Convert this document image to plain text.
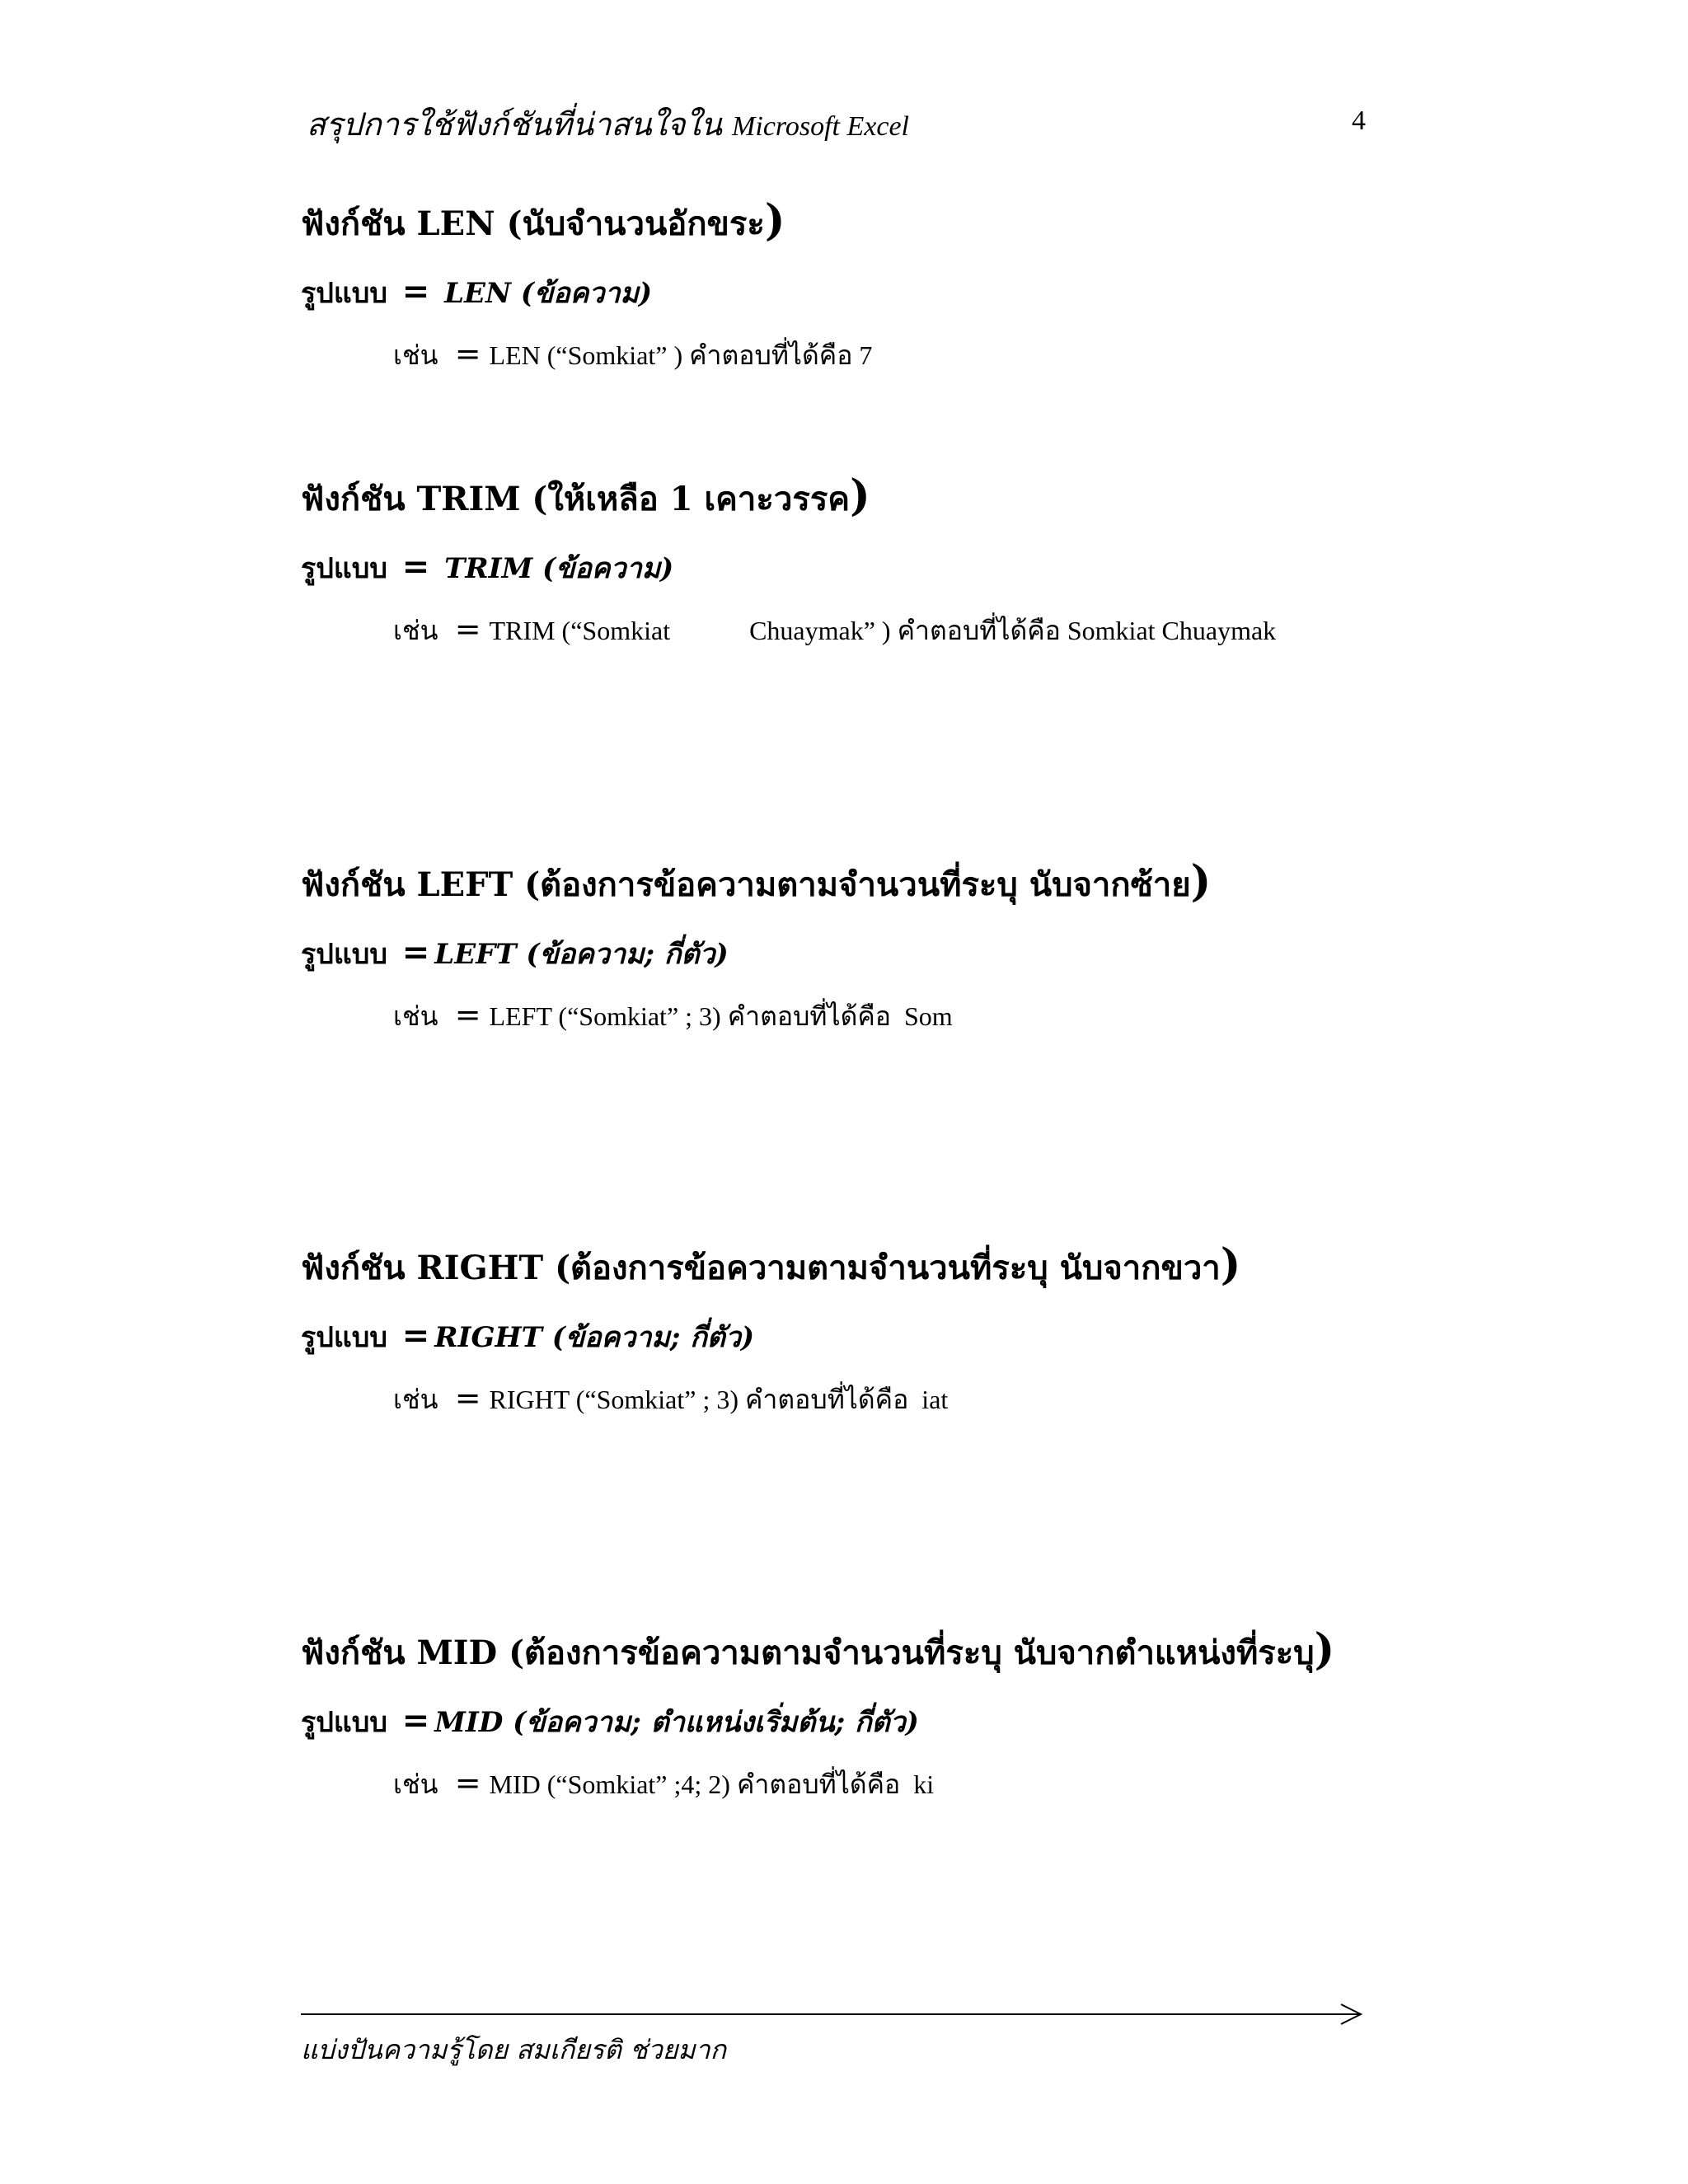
สรุปการใช้ฟังก์ชันที่น่าสนใจใน Microsoft Excel	4
ฟังก์ชัน LEN (นับจำนวนอักขระ)
รูปแบบ = LEN (ข้อความ)
เช่น = LEN (“Somkiat” ) คำตอบที่ได้คือ 7
ฟังก์ชัน TRIM (ให้เหลือ 1 เคาะวรรค)
รูปแบบ = TRIM (ข้อความ)
เช่น = TRIM (“Somkiat            Chuaymak” ) คำตอบที่ได้คือ Somkiat Chuaymak
ฟังก์ชัน LEFT (ต้องการข้อความตามจำนวนที่ระบุ นับจากซ้าย)
รูปแบบ = LEFT (ข้อความ; กี่ตัว)
เช่น = LEFT (“Somkiat” ; 3) คำตอบที่ได้คือ  Som
ฟังก์ชัน RIGHT (ต้องการข้อความตามจำนวนที่ระบุ นับจากขวา)
รูปแบบ = RIGHT (ข้อความ; กี่ตัว)
เช่น = RIGHT (“Somkiat” ; 3) คำตอบที่ได้คือ  iat
ฟังก์ชัน MID (ต้องการข้อความตามจำนวนที่ระบุ นับจากตำแหน่งที่ระบุ)
รูปแบบ = MID (ข้อความ; ตำแหน่งเริ่มต้น; กี่ตัว)
เช่น = MID (“Somkiat” ;4; 2) คำตอบที่ได้คือ  ki
แบ่งปันความรู้โดย สมเกียรติ ช่วยมาก
